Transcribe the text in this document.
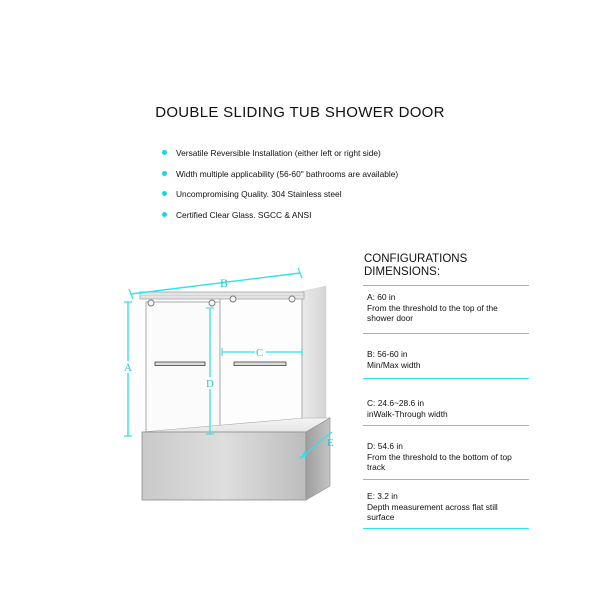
DOUBLE SLIDING TUB SHOWER DOOR
Versatile Reversible Installation (either left or right side)
Width multiple applicability (56-60" bathrooms are available)
Uncompromising Quality. 304 Stainless steel
Certified Clear Glass. SGCC & ANSI
CONFIGURATIONS
DIMENSIONS:
A: 60 in
From the threshold to the top of the shower door
B: 56-60 in
Min/Max width
C: 24.6~28.6 in
inWalk-Through width
D: 54.6 in
From the threshold to the bottom of top track
E: 3.2 in
Depth measurement across flat still surface
B
A
D
C
E
